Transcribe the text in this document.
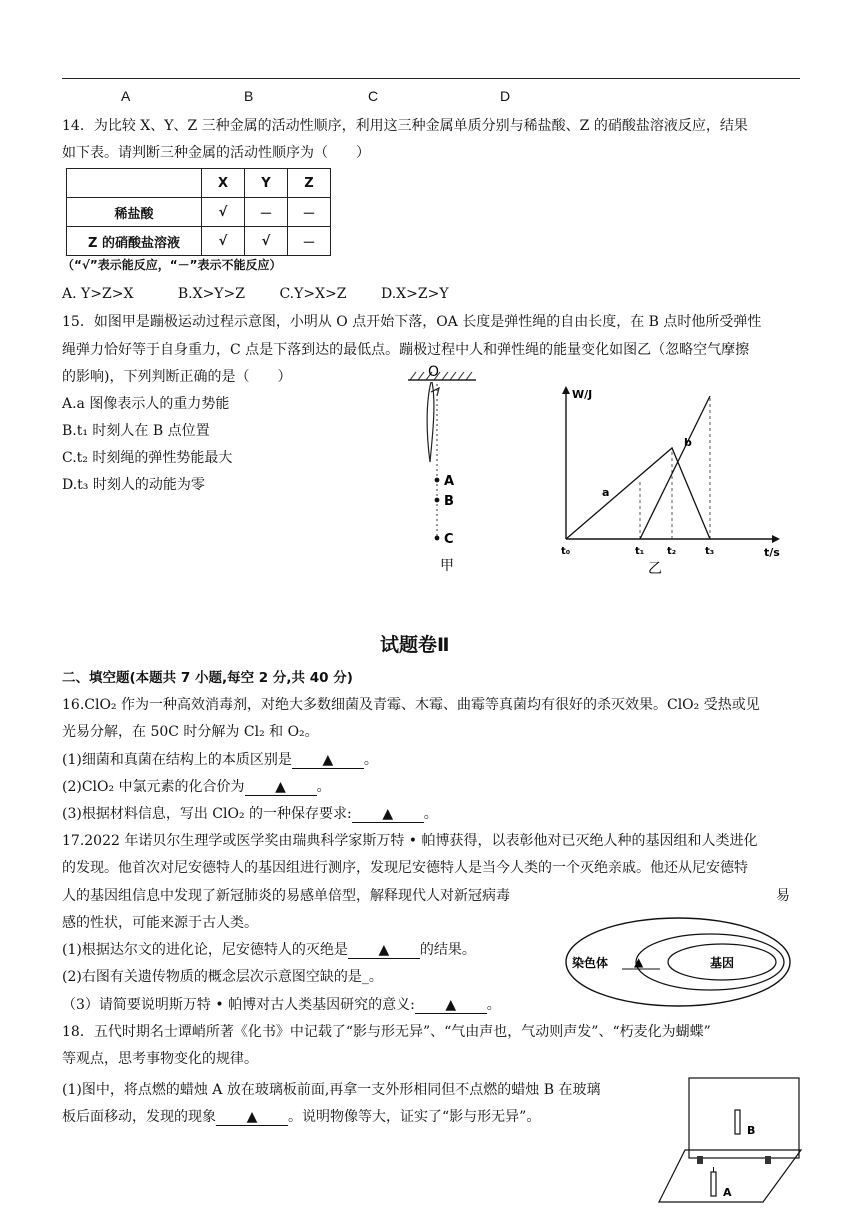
A	B	C	D
14．为比较 X、Y、Z 三种金属的活动性顺序，利用这三种金属单质分别与稀盐酸、Z 的硝酸盐溶液反应，结果
如下表。请判断三种金属的活动性顺序为（　　）
	X	Y	Z
稀盐酸	√	－	－
Z 的硝酸盐溶液	√	√	－
（“√”表示能反应，“－”表示不能反应）
A. Y>Z>X	B.X>Y>Z C.Y>X>Z D.X>Z>Y
15．如图甲是蹦极运动过程示意图，小明从 O 点开始下落，OA 长度是弹性绳的自由长度，在 B 点时他所受弹性
绳弹力恰好等于自身重力，C 点是下落到达的最低点。蹦极过程中人和弹性绳的能量变化如图乙（忽略空气摩擦
的影响)，下列判断正确的是（　　）
A.a 图像表示人的重力势能
B.t₁ 时刻人在 B 点位置
C.t₂ 时刻绳的弹性势能最大
D.t₃ 时刻人的动能为零
O
A
B
C
甲
W/J
t/s
a
b
t₀	t₁ t₂	t₃
乙
试题卷Ⅱ
二、填空题(本题共 7 小题,每空 2 分,共 40 分)
16.ClO₂ 作为一种高效消毒剂，对绝大多数细菌及青霉、木霉、曲霉等真菌均有很好的杀灭效果。ClO₂ 受热或见
光易分解，在 50C 时分解为 Cl₂ 和 O₂。
(1)细菌和真菌在结构上的本质区别是 ▲ 。
(2)ClO₂ 中氯元素的化合价为 ▲ 。
(3)根据材料信息，写出 ClO₂ 的一种保存要求: ▲ 。
17.2022 年诺贝尔生理学或医学奖由瑞典科学家斯万特 • 帕博获得，以表彰他对已灭绝人种的基因组和人类进化
的发现。他首次对尼安德特人的基因组进行测序，发现尼安德特人是当今人类的一个灭绝亲戚。他还从尼安德特
人的基因组信息中发现了新冠肺炎的易感单倍型，解释现代人对新冠病毒	易
感的性状，可能来源于古人类。
(1)根据达尔文的进化论，尼安德特人的灭绝是 ▲ 的结果。
(2)右图有关遗传物质的概念层次示意图空缺的是_。
（3）请简要说明斯万特 • 帕博对古人类基因研究的意义: ▲ 。
染色体 ▲	基因
18．五代时期名士谭峭所著《化书》中记载了“影与形无异”、“气由声也，气动则声发”、“朽麦化为蝴蝶”
等观点，思考事物变化的规律。
(1)图中，将点燃的蜡烛 A 放在玻璃板前面,再拿一支外形相同但不点燃的蜡烛 B 在玻璃
板后面移动，发现的现象 ▲ 。说明物像等大，证实了“影与形无异”。
B
A
